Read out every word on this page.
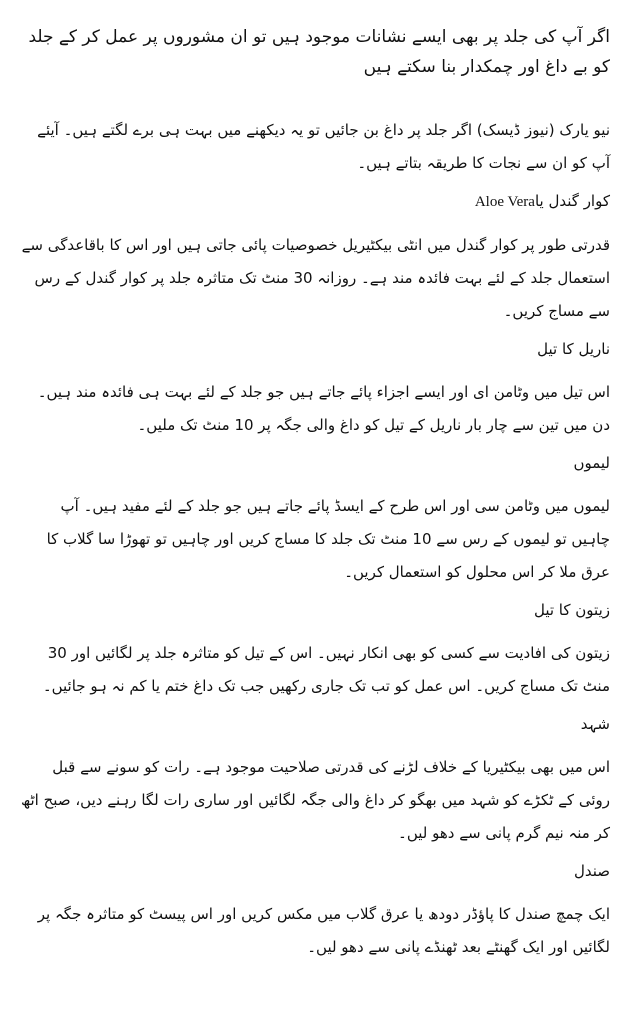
اگر آپ کی جلد پر بھی ایسے نشانات موجود ہیں تو ان مشوروں پر عمل کر کے جلد کو بے داغ اور چمکدار بنا سکتے ہیں

نیو یارک (نیوز ڈیسک) اگر جلد پر داغ بن جائیں تو یہ دیکھنے میں بہت ہی برے لگتے ہیں۔ آیئے آپ کو ان سے نجات کا طریقہ بتاتے ہیں۔

کوار گندل یاAloe Vera

قدرتی طور پر کوار گندل میں انٹی بیکٹیریل خصوصیات پائی جاتی ہیں اور اس کا باقاعدگی سے استعمال جلد کے لئے بہت فائدہ مند ہے۔ روزانہ 30 منٹ تک متاثرہ جلد پر کوار گندل کے رس سے مساج کریں۔

ناریل کا تیل

اس تیل میں وٹامن ای اور ایسے اجزاء پائے جاتے ہیں جو جلد کے لئے بہت ہی فائدہ مند ہیں۔ دن میں تین سے چار بار ناریل کے تیل کو داغ والی جگہ پر 10 منٹ تک ملیں۔

لیموں

لیموں میں وٹامن سی اور اس طرح کے ایسڈ پائے جاتے ہیں جو جلد کے لئے مفید ہیں۔ آپ چاہیں تو لیموں کے رس سے 10 منٹ تک جلد کا مساج کریں اور چاہیں تو تھوڑا سا گلاب کا عرق ملا کر اس محلول کو استعمال کریں۔

زیتون کا تیل

زیتون کی افادیت سے کسی کو بھی انکار نہیں۔ اس کے تیل کو متاثرہ جلد پر لگائیں اور 30 منٹ تک مساج کریں۔ اس عمل کو تب تک جاری رکھیں جب تک داغ ختم یا کم نہ ہو جائیں۔

شہد

اس میں بھی بیکٹیریا کے خلاف لڑنے کی قدرتی صلاحیت موجود ہے۔ رات کو سونے سے قبل روئی کے ٹکڑے کو شہد میں بھگو کر داغ والی جگہ لگائیں اور ساری رات لگا رہنے دیں، صبح اٹھ کر منہ نیم گرم پانی سے دھو لیں۔

صندل

ایک چمچ صندل کا پاؤڈر دودھ یا عرق گلاب میں مکس کریں اور اس پیسٹ کو متاثرہ جگہ پر لگائیں اور ایک گھنٹے بعد ٹھنڈے پانی سے دھو لیں۔
